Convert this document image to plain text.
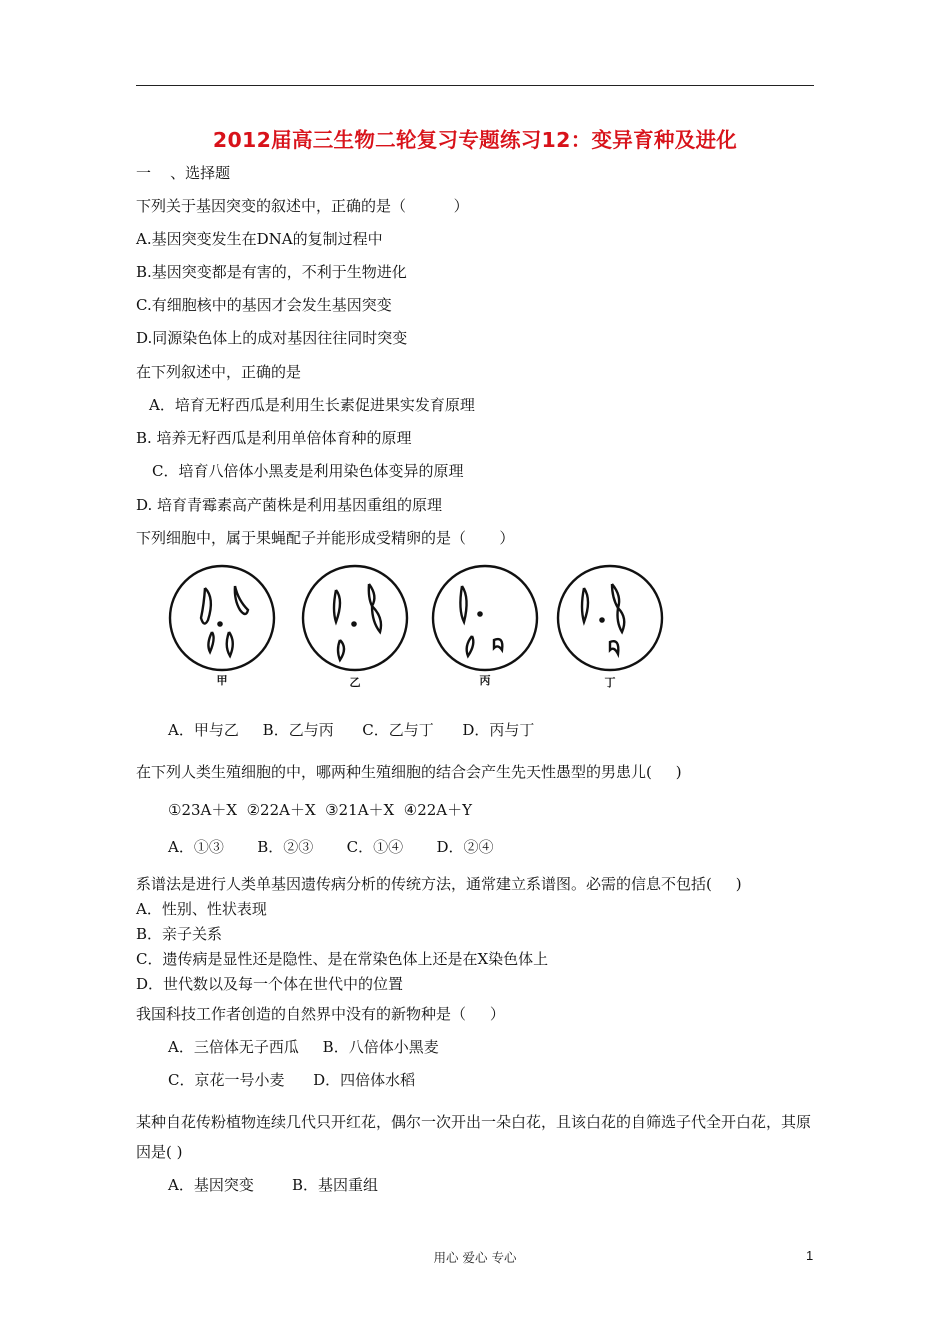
2012届高三生物二轮复习专题练习12：变异育种及进化
一    、选择题
下列关于基因突变的叙述中，正确的是（          ）
A.基因突变发生在DNA的复制过程中
B.基因突变都是有害的，不利于生物进化
C.有细胞核中的基因才会发生基因突变
D.同源染色体上的成对基因往往同时突变
在下列叙述中，正确的是
A．培育无籽西瓜是利用生长素促进果实发育原理
B. 培养无籽西瓜是利用单倍体育种的原理
C．培育八倍体小黑麦是利用染色体变异的原理
D. 培育青霉素高产菌株是利用基因重组的原理
下列细胞中，属于果蝇配子并能形成受精卵的是（       ）
甲	乙	丙	丁
A．甲与乙     B．乙与丙      C．乙与丁      D．丙与丁
在下列人类生殖细胞的中，哪两种生殖细胞的结合会产生先天性愚型的男患儿(     )
①23A＋X  ②22A＋X  ③21A＋X  ④22A＋Y
A．①③       B．②③       C．①④       D．②④
系谱法是进行人类单基因遗传病分析的传统方法，通常建立系谱图。必需的信息不包括(     )
A．性别、性状表现
B．亲子关系
C．遗传病是显性还是隐性、是在常染色体上还是在X染色体上
D．世代数以及每一个体在世代中的位置
我国科技工作者创造的自然界中没有的新物种是（     ）
A．三倍体无子西瓜     B．八倍体小黑麦
C．京花一号小麦      D．四倍体水稻
某种自花传粉植物连续几代只开红花，偶尔一次开出一朵白花，且该白花的自筛选子代全开白花，其原因是( )
A．基因突变        B．基因重组
用心 爱心 专心	1
